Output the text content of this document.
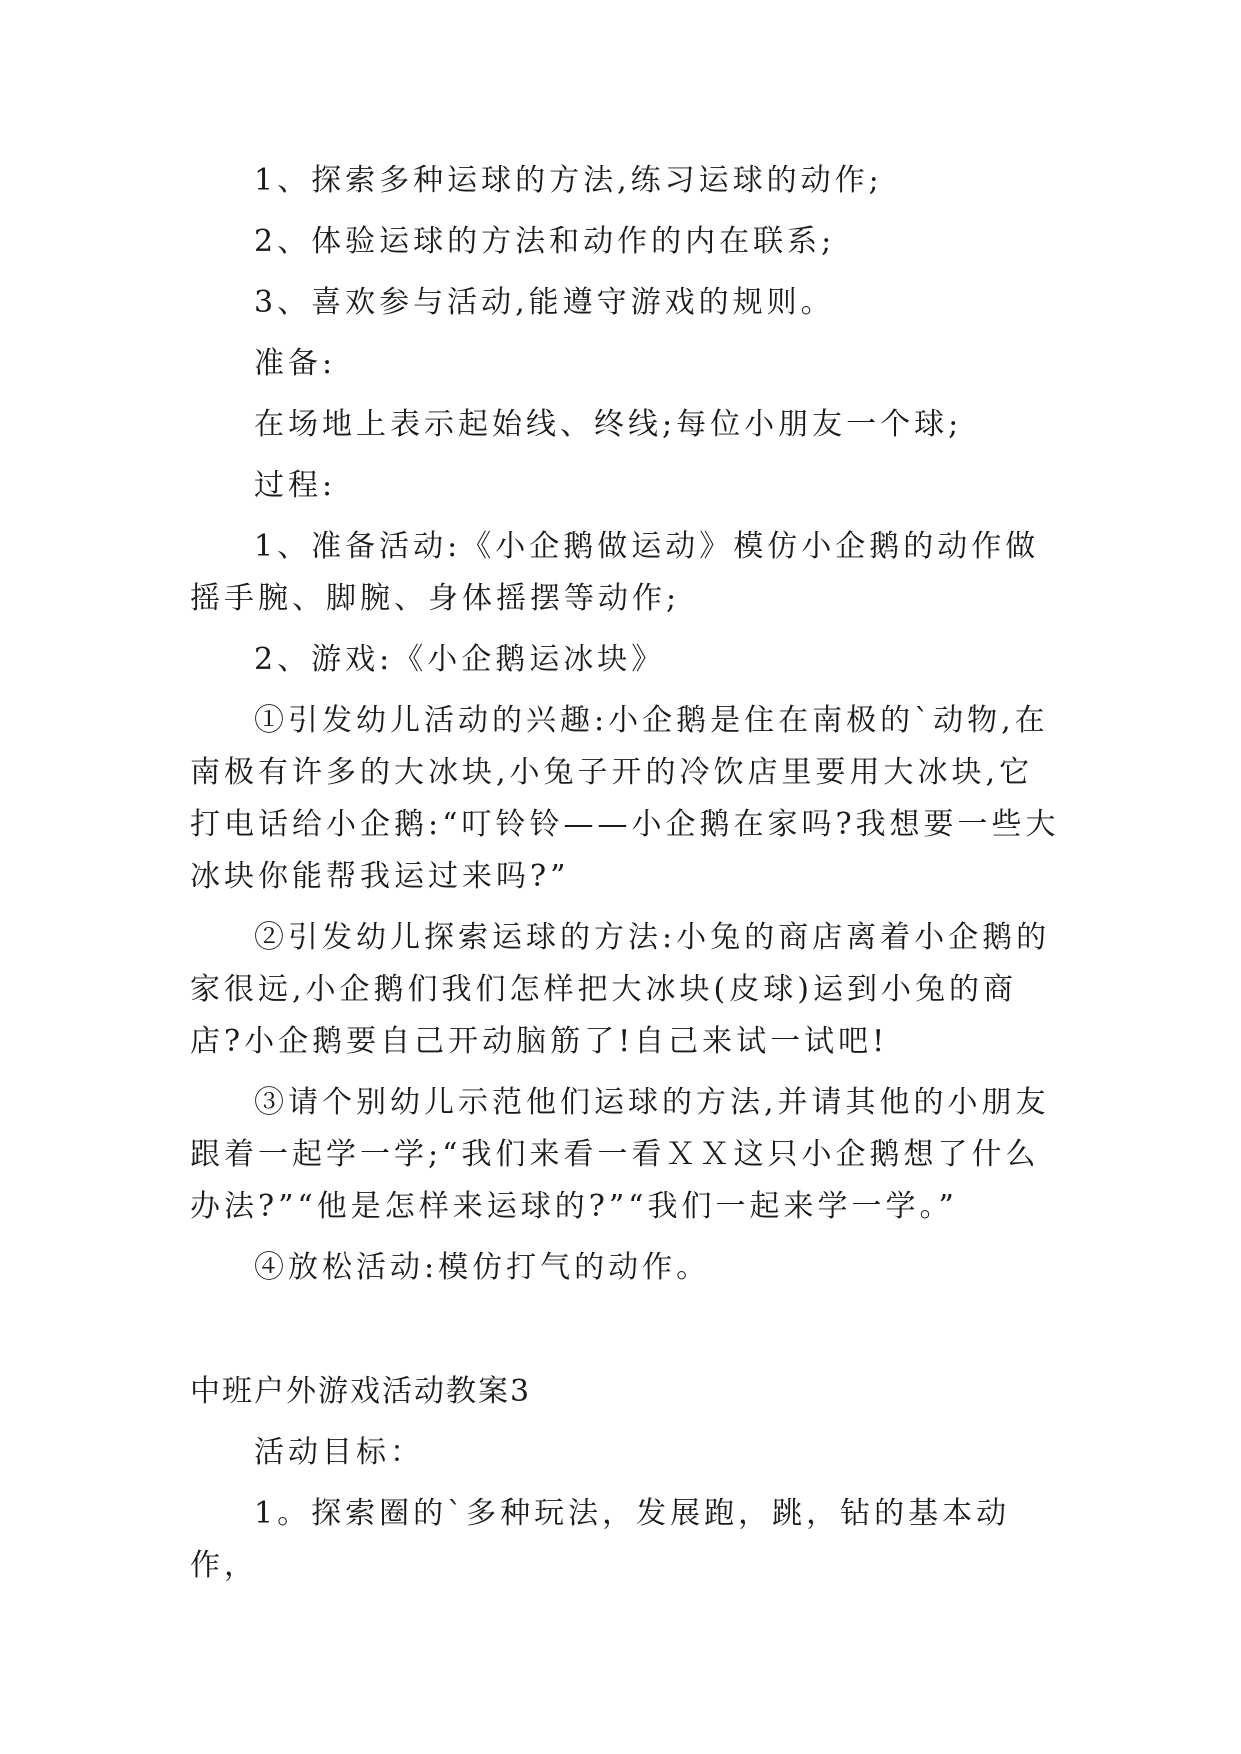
1、探索多种运球的方法,练习运球的动作;

2、体验运球的方法和动作的内在联系;

3、喜欢参与活动,能遵守游戏的规则。

准备:

在场地上表示起始线、终线;每位小朋友一个球;

过程:

1、准备活动:《小企鹅做运动》模仿小企鹅的动作做摇手腕、脚腕、身体摇摆等动作;

2、游戏:《小企鹅运冰块》

①引发幼儿活动的兴趣:小企鹅是住在南极的`动物,在南极有许多的大冰块,小兔子开的冷饮店里要用大冰块,它打电话给小企鹅:“叮铃铃——小企鹅在家吗?我想要一些大冰块你能帮我运过来吗?”

②引发幼儿探索运球的方法:小兔的商店离着小企鹅的家很远,小企鹅们我们怎样把大冰块(皮球)运到小兔的商店?小企鹅要自己开动脑筋了!自己来试一试吧!

③请个别幼儿示范他们运球的方法,并请其他的小朋友跟着一起学一学;“我们来看一看ＸＸ这只小企鹅想了什么办法?”“他是怎样来运球的?”“我们一起来学一学。”

④放松活动:模仿打气的动作。

中班户外游戏活动教案3

活动目标：

1。探索圈的`多种玩法，发展跑，跳，钻的基本动作，
